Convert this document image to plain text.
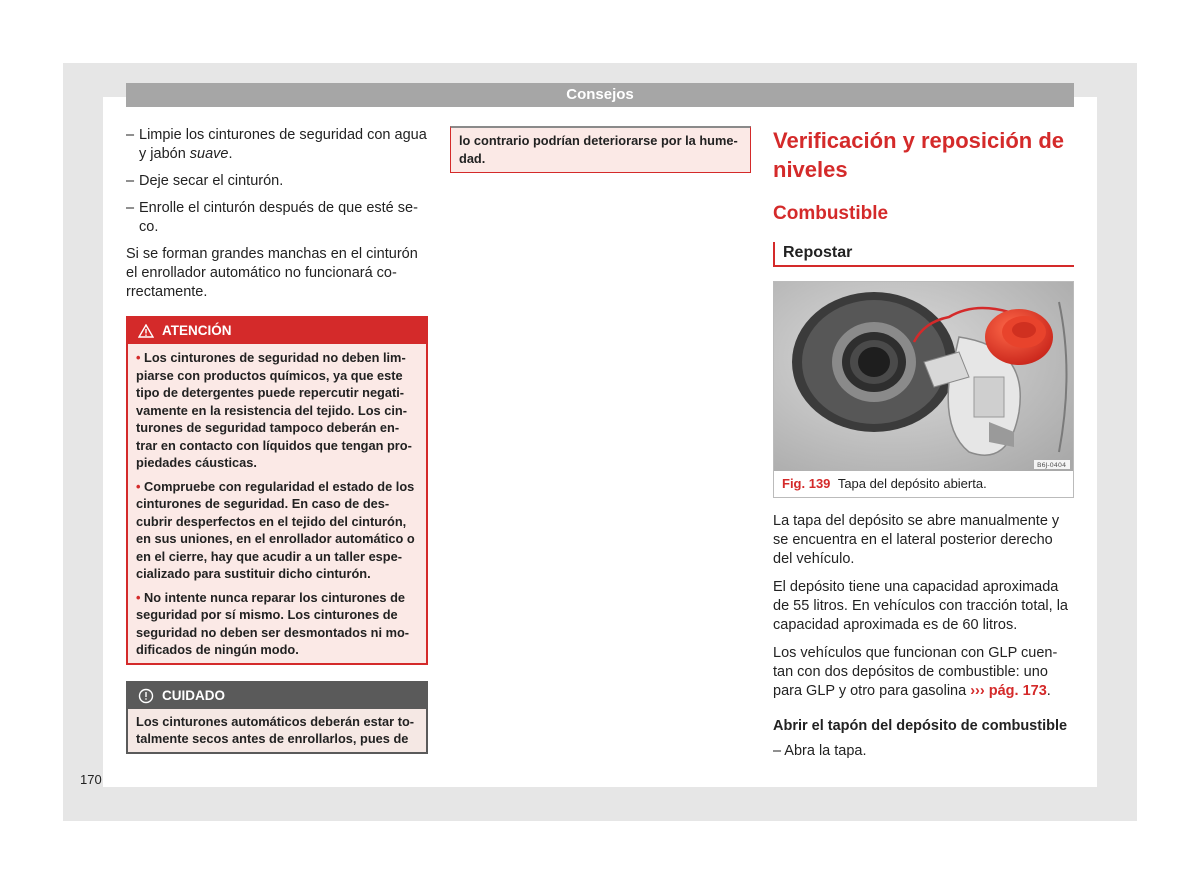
Consejos
– Limpie los cinturones de seguridad con agua y jabón suave.
– Deje secar el cinturón.
– Enrolle el cinturón después de que esté se-co.

Si se forman grandes manchas en el cinturón el enrollador automático no funcionará co-rrectamente.

ATENCIÓN

• Los cinturones de seguridad no deben lim-piarse con productos químicos, ya que este tipo de detergentes puede repercutir negati-vamente en la resistencia del tejido. Los cin-turones de seguridad tampoco deberán en-trar en contacto con líquidos que tengan pro-piedades cáusticas.

• Compruebe con regularidad el estado de los cinturones de seguridad. En caso de des-cubrir desperfectos en el tejido del cinturón, en sus uniones, en el enrollador automático o en el cierre, hay que acudir a un taller espe-cializado para sustituir dicho cinturón.

• No intente nunca reparar los cinturones de seguridad por sí mismo. Los cinturones de seguridad no deben ser desmontados ni mo-dificados de ningún modo.

CUIDADO
Los cinturones automáticos deberán estar to-talmente secos antes de enrollarlos, pues de
lo contrario podrían deteriorarse por la hume-dad.
Verificación y reposición de niveles
Combustible
Repostar
B6J-0404
Fig. 139 Tapa del depósito abierta.

La tapa del depósito se abre manualmente y se encuentra en el lateral posterior derecho del vehículo.

El depósito tiene una capacidad aproximada de 55 litros. En vehículos con tracción total, la capacidad aproximada es de 60 litros.

Los vehículos que funcionan con GLP cuen-tan con dos depósitos de combustible: uno para GLP y otro para gasolina ››› pág. 173.

Abrir el tapón del depósito de combustible

– Abra la tapa.

170
